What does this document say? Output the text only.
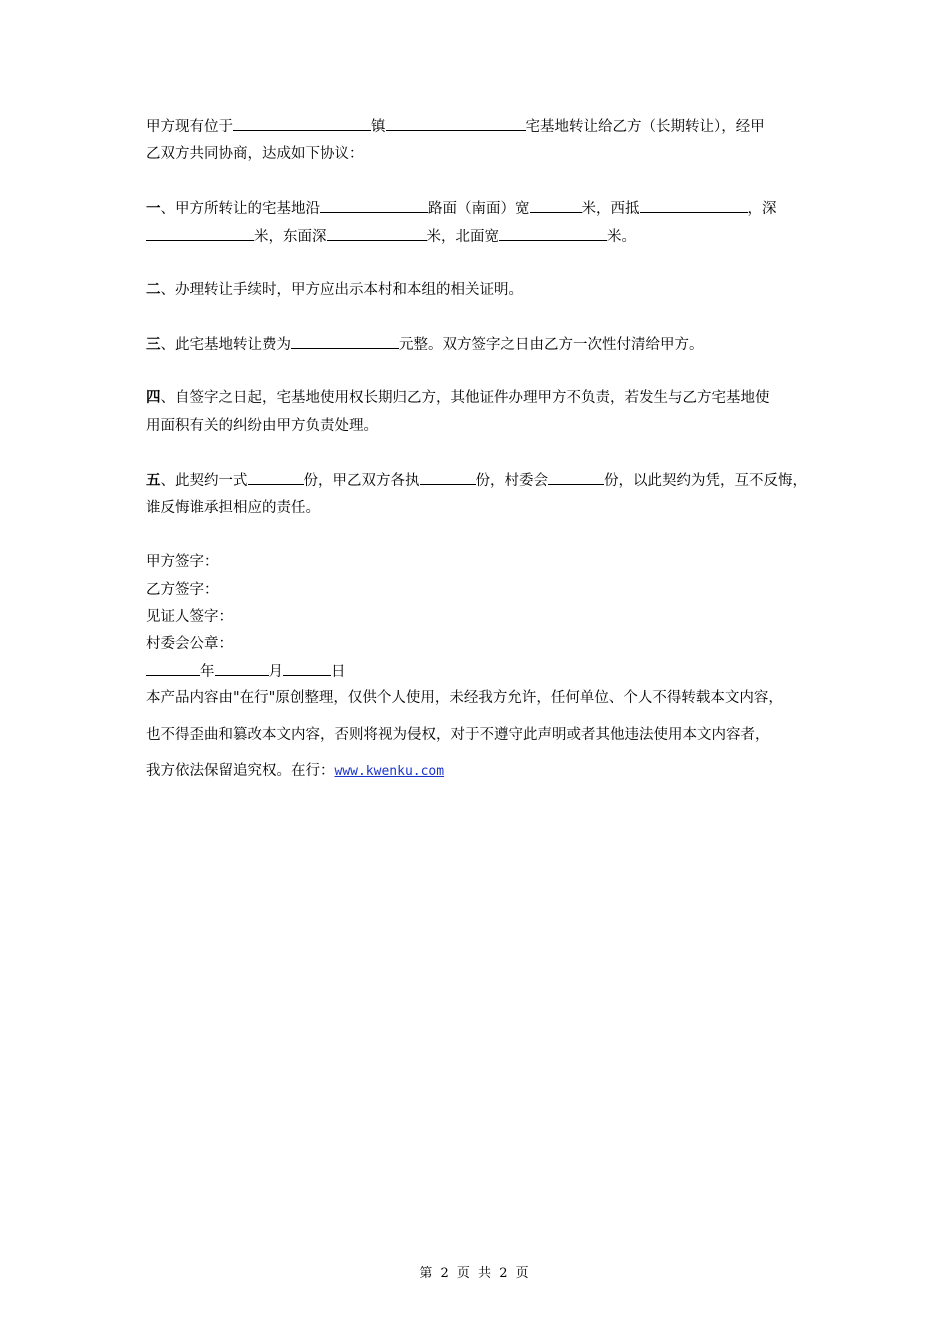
甲方现有位于	镇	宅基地转让给乙方（长期转让），经甲
乙双方共同协商，达成如下协议：
一、甲方所转让的宅基地沿	路面（南面）宽	米，西抵	，深
米，东面深	米，北面宽	米。
二、办理转让手续时，甲方应出示本村和本组的相关证明。
三、此宅基地转让费为	元整。双方签字之日由乙方一次性付清给甲方。
四、自签字之日起，宅基地使用权长期归乙方，其他证件办理甲方不负责，若发生与乙方宅基地使
用面积有关的纠纷由甲方负责处理。
五、此契约一式	份，甲乙双方各执	份，村委会	份，以此契约为凭，互不反悔，
谁反悔谁承担相应的责任。
甲方签字：
乙方签字：
见证人签字：
村委会公章：
年	月	日
本产品内容由"在行"原创整理，仅供个人使用，未经我方允许，任何单位、个人不得转载本文内容，
也不得歪曲和篡改本文内容，否则将视为侵权，对于不遵守此声明或者其他违法使用本文内容者，
我方依法保留追究权。在行：www.kwenku.com
第 2 页 共 2 页
